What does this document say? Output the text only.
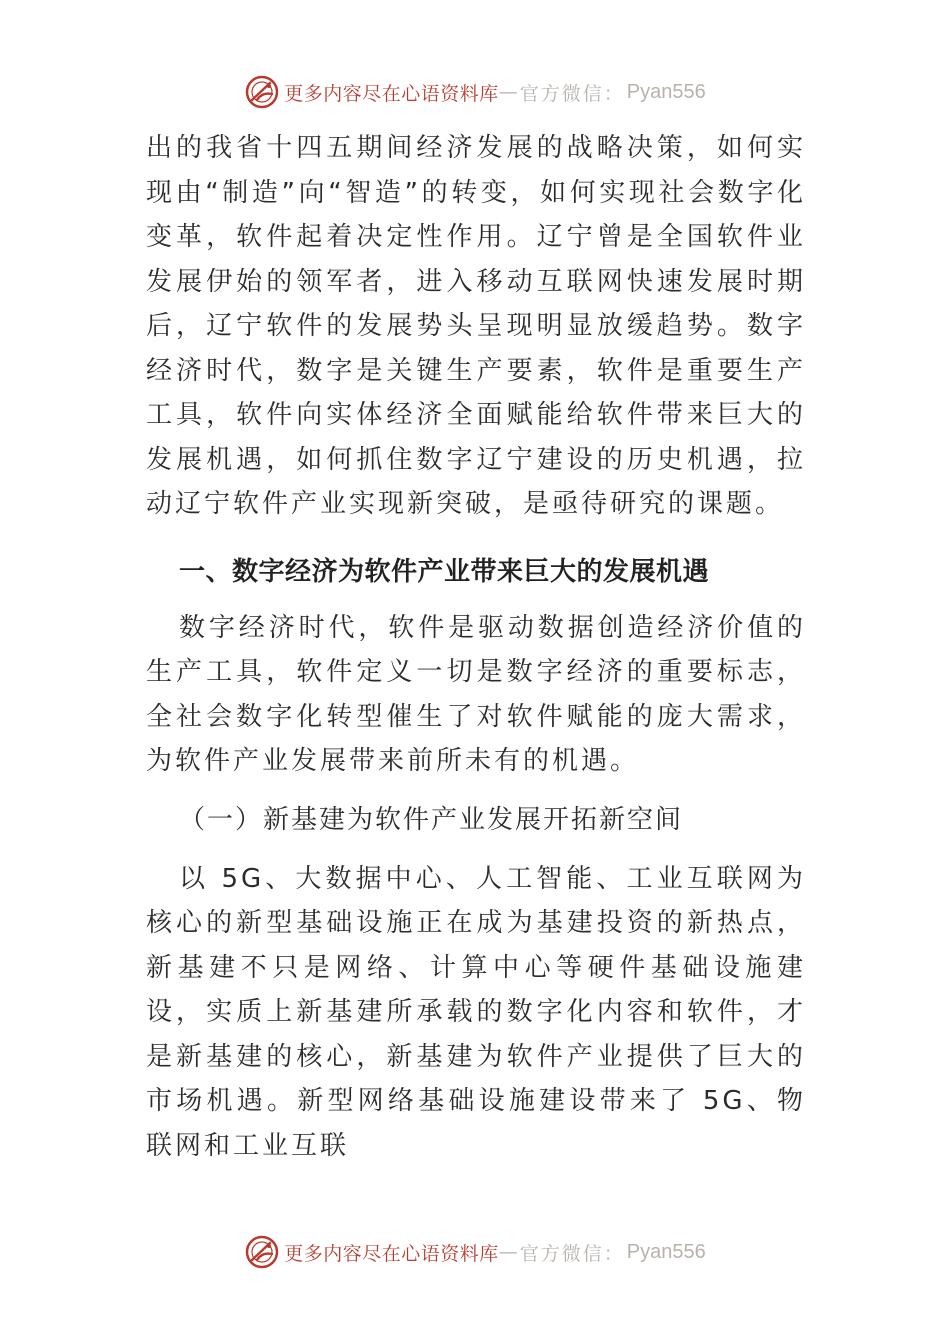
更多内容尽在心语资料库 — 官方微信： Pyan556

出的我省十四五期间经济发展的战略决策，如何实现由“制造”向“智造”的转变，如何实现社会数字化变革，软件起着决定性作用。辽宁曾是全国软件业发展伊始的领军者，进入移动互联网快速发展时期后，辽宁软件的发展势头呈现明显放缓趋势。数字经济时代，数字是关键生产要素，软件是重要生产工具，软件向实体经济全面赋能给软件带来巨大的发展机遇，如何抓住数字辽宁建设的历史机遇，拉动辽宁软件产业实现新突破，是亟待研究的课题。

一、数字经济为软件产业带来巨大的发展机遇

数字经济时代，软件是驱动数据创造经济价值的生产工具，软件定义一切是数字经济的重要标志，全社会数字化转型催生了对软件赋能的庞大需求，为软件产业发展带来前所未有的机遇。

（一）新基建为软件产业发展开拓新空间

以 5G、大数据中心、人工智能、工业互联网为核心的新型基础设施正在成为基建投资的新热点，新基建不只是网络、计算中心等硬件基础设施建设，实质上新基建所承载的数字化内容和软件，才是新基建的核心，新基建为软件产业提供了巨大的市场机遇。新型网络基础设施建设带来了 5G、物联网和工业互联

更多内容尽在心语资料库 — 官方微信： Pyan556
